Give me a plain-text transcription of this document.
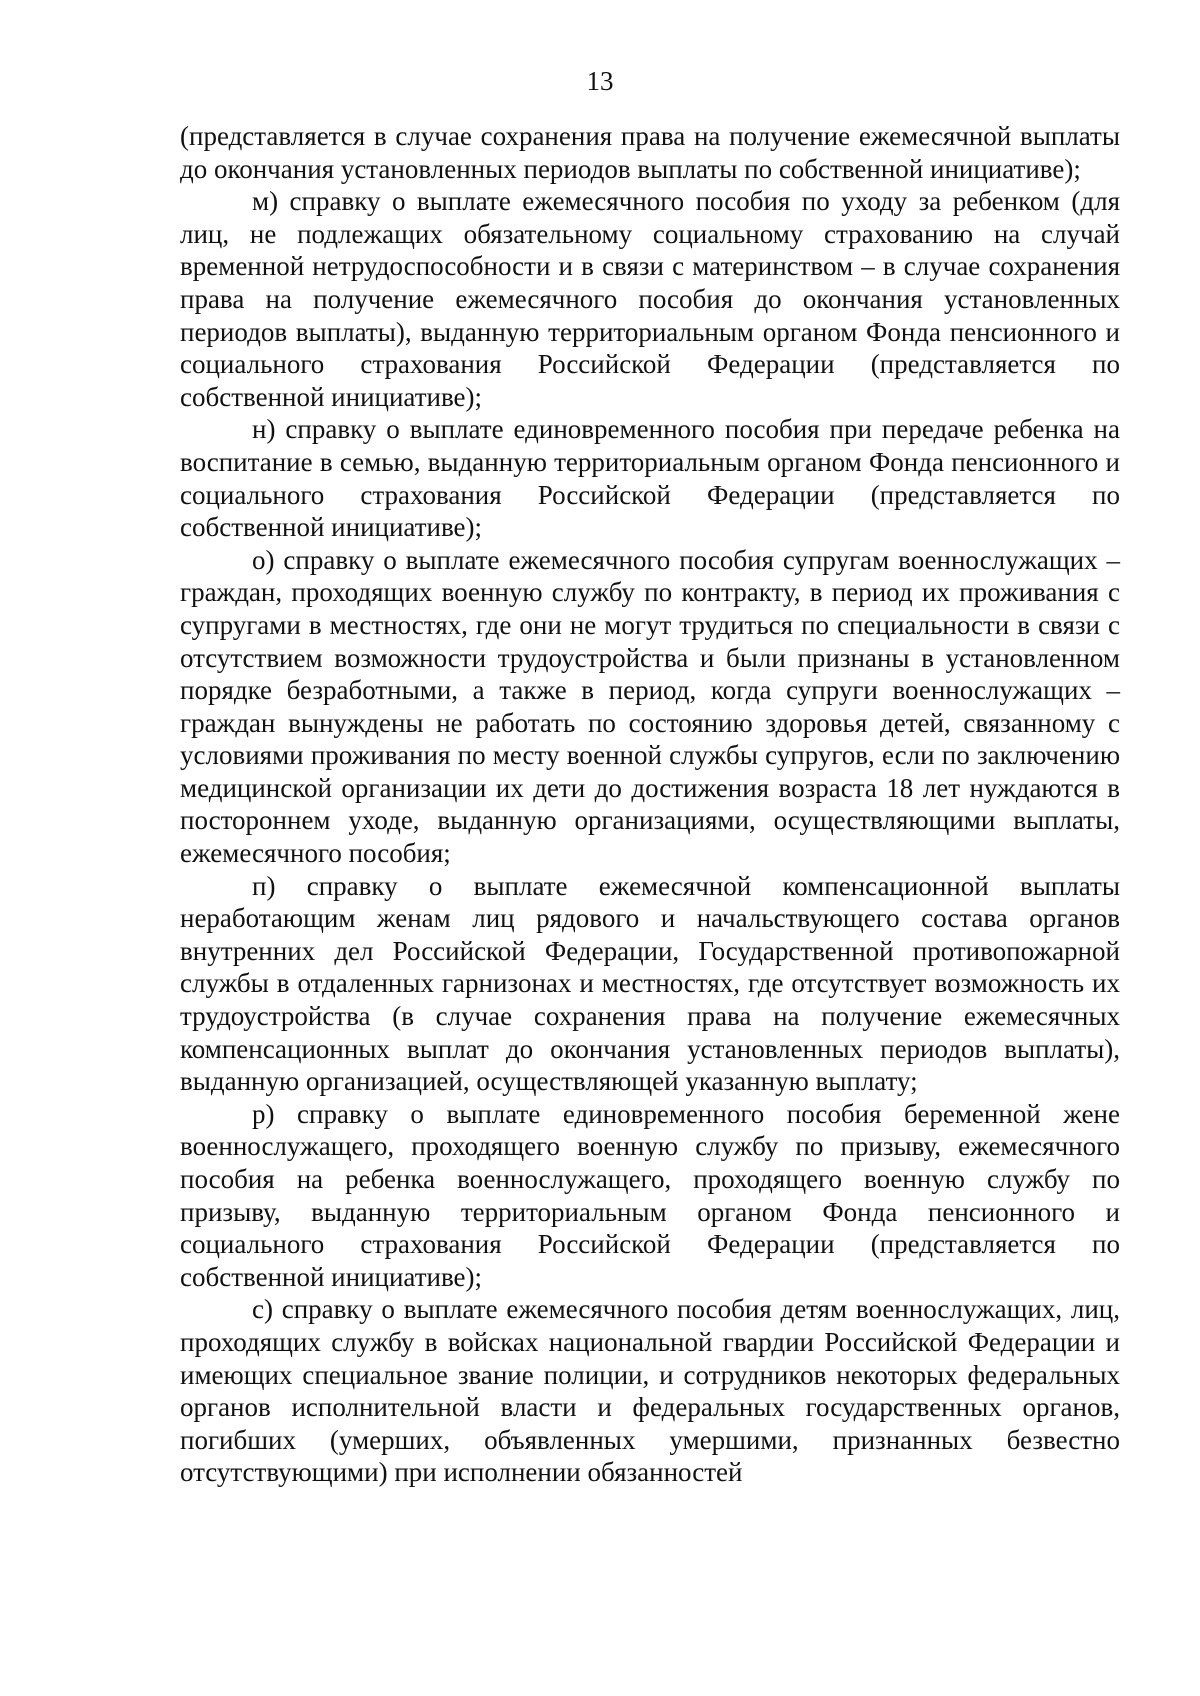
13

(представляется в случае сохранения права на получение ежемесячной выплаты до окончания установленных периодов выплаты по собственной инициативе);

м) справку о выплате ежемесячного пособия по уходу за ребенком (для лиц, не подлежащих обязательному социальному страхованию на случай временной нетрудоспособности и в связи с материнством – в случае сохранения права на получение ежемесячного пособия до окончания установленных периодов выплаты), выданную территориальным органом Фонда пенсионного и социального страхования Российской Федерации (представляется по собственной инициативе);

н) справку о выплате единовременного пособия при передаче ребенка на воспитание в семью, выданную территориальным органом Фонда пенсионного и социального страхования Российской Федерации (представляется по собственной инициативе);

о) справку о выплате ежемесячного пособия супругам военнослужащих – граждан, проходящих военную службу по контракту, в период их проживания с супругами в местностях, где они не могут трудиться по специальности в связи с отсутствием возможности трудоустройства и были признаны в установленном порядке безработными, а также в период, когда супруги военнослужащих – граждан вынуждены не работать по состоянию здоровья детей, связанному с условиями проживания по месту военной службы супругов, если по заключению медицинской организации их дети до достижения возраста 18 лет нуждаются в постороннем уходе, выданную организациями, осуществляющими выплаты, ежемесячного пособия;

п) справку о выплате ежемесячной компенсационной выплаты неработающим женам лиц рядового и начальствующего состава органов внутренних дел Российской Федерации, Государственной противопожарной службы в отдаленных гарнизонах и местностях, где отсутствует возможность их трудоустройства (в случае сохранения права на получение ежемесячных компенсационных выплат до окончания установленных периодов выплаты), выданную организацией, осуществляющей указанную выплату;

р) справку о выплате единовременного пособия беременной жене военнослужащего, проходящего военную службу по призыву, ежемесячного пособия на ребенка военнослужащего, проходящего военную службу по призыву, выданную территориальным органом Фонда пенсионного и социального страхования Российской Федерации (представляется по собственной инициативе);

с) справку о выплате ежемесячного пособия детям военнослужащих, лиц, проходящих службу в войсках национальной гвардии Российской Федерации и имеющих специальное звание полиции, и сотрудников некоторых федеральных органов исполнительной власти и федеральных государственных органов, погибших (умерших, объявленных умершими, признанных безвестно отсутствующими) при исполнении обязанностей
